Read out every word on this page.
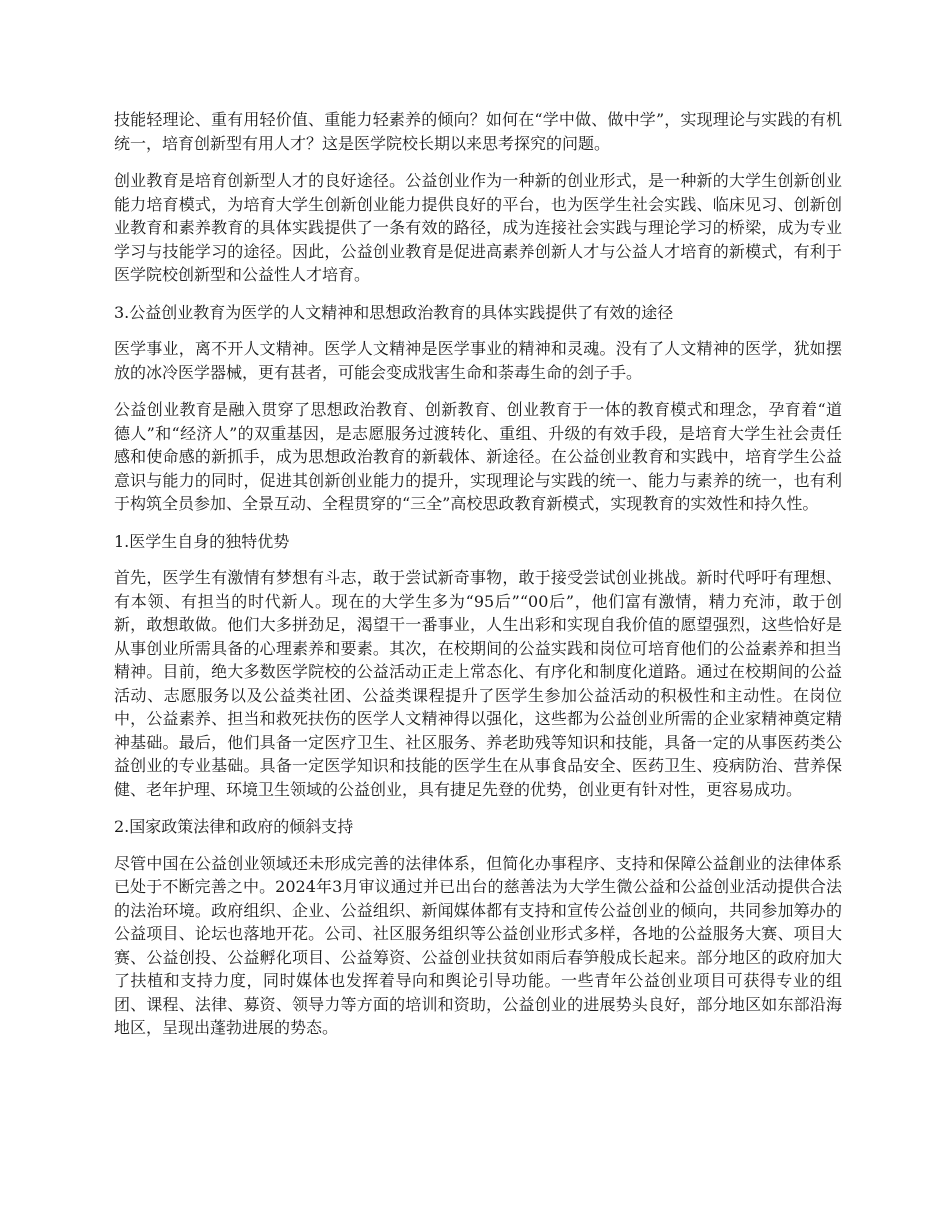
技能轻理论、重有用轻价值、重能力轻素养的倾向？如何在“学中做、做中学”，实现理论与实践的有机统一，培育创新型有用人才？这是医学院校长期以来思考探究的问题。

创业教育是培育创新型人才的良好途径。公益创业作为一种新的创业形式，是一种新的大学生创新创业能力培育模式，为培育大学生创新创业能力提供良好的平台，也为医学生社会实践、临床见习、创新创业教育和素养教育的具体实践提供了一条有效的路径，成为连接社会实践与理论学习的桥梁，成为专业学习与技能学习的途径。因此，公益创业教育是促进高素养创新人才与公益人才培育的新模式，有利于医学院校创新型和公益性人才培育。

3.公益创业教育为医学的人文精神和思想政治教育的具体实践提供了有效的途径

医学事业，离不开人文精神。医学人文精神是医学事业的精神和灵魂。没有了人文精神的医学，犹如摆放的冰冷医学器械，更有甚者，可能会变成戕害生命和荼毒生命的刽子手。

公益创业教育是融入贯穿了思想政治教育、创新教育、创业教育于一体的教育模式和理念，孕育着“道德人”和“经济人”的双重基因，是志愿服务过渡转化、重组、升级的有效手段，是培育大学生社会责任感和使命感的新抓手，成为思想政治教育的新载体、新途径。在公益创业教育和实践中，培育学生公益意识与能力的同时，促进其创新创业能力的提升，实现理论与实践的统一、能力与素养的统一，也有利于构筑全员参加、全景互动、全程贯穿的“三全”高校思政教育新模式，实现教育的实效性和持久性。

1.医学生自身的独特优势

首先，医学生有激情有梦想有斗志，敢于尝试新奇事物，敢于接受尝试创业挑战。新时代呼吁有理想、有本领、有担当的时代新人。现在的大学生多为“95后”“00后”，他们富有激情，精力充沛，敢于创新，敢想敢做。他们大多拼劲足，渴望干一番事业，人生出彩和实现自我价值的愿望强烈，这些恰好是从事创业所需具备的心理素养和要素。其次，在校期间的公益实践和岗位可培育他们的公益素养和担当精神。目前，绝大多数医学院校的公益活动正走上常态化、有序化和制度化道路。通过在校期间的公益活动、志愿服务以及公益类社团、公益类课程提升了医学生参加公益活动的积极性和主动性。在岗位中，公益素养、担当和救死扶伤的医学人文精神得以强化，这些都为公益创业所需的企业家精神奠定精神基础。最后，他们具备一定医疗卫生、社区服务、养老助残等知识和技能，具备一定的从事医药类公益创业的专业基础。具备一定医学知识和技能的医学生在从事食品安全、医药卫生、疫病防治、营养保健、老年护理、环境卫生领域的公益创业，具有捷足先登的优势，创业更有针对性，更容易成功。

2.国家政策法律和政府的倾斜支持

尽管中国在公益创业领域还未形成完善的法律体系，但简化办事程序、支持和保障公益創业的法律体系已处于不断完善之中。2024年3月审议通过并已出台的慈善法为大学生微公益和公益创业活动提供合法的法治环境。政府组织、企业、公益组织、新闻媒体都有支持和宣传公益创业的倾向，共同参加筹办的公益项目、论坛也落地开花。公司、社区服务组织等公益创业形式多样，各地的公益服务大赛、项目大赛、公益创投、公益孵化项目、公益筹资、公益创业扶贫如雨后春笋般成长起来。部分地区的政府加大了扶植和支持力度，同时媒体也发挥着导向和舆论引导功能。一些青年公益创业项目可获得专业的组团、课程、法律、募资、领导力等方面的培训和资助，公益创业的进展势头良好，部分地区如东部沿海地区，呈现出蓬勃进展的势态。
